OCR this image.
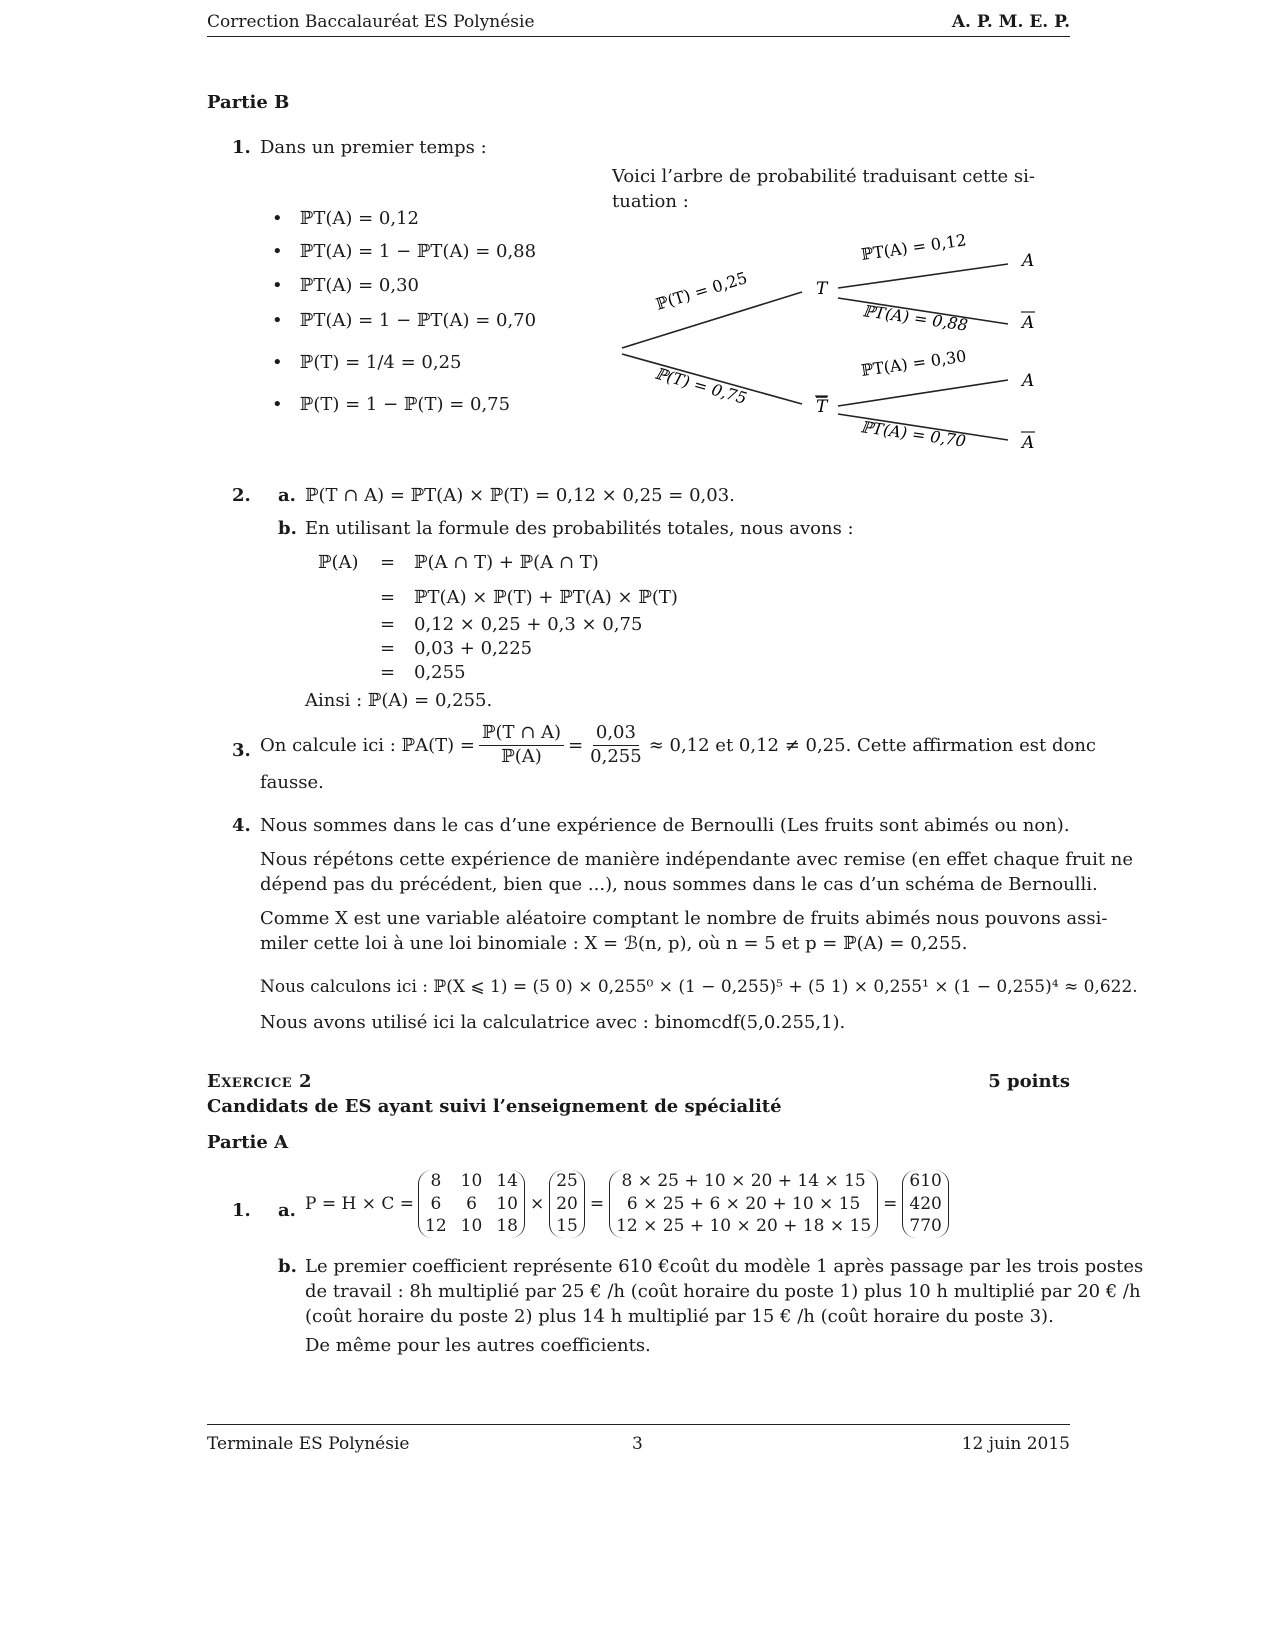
Correction Baccalauréat ES Polynésie	A. P. M. E. P.
Partie B
1. Dans un premier temps :
Voici l’arbre de probabilité traduisant cette si-
tuation :
•   ℙT(A) = 0,12
•   ℙT(A) = 1 − ℙT(A) = 0,88
•   ℙT(A) = 0,30
•   ℙT(A) = 1 − ℙT(A) = 0,70
•   ℙ(T) = 1/4 = 0,25
•   ℙ(T) = 1 − ℙ(T) = 0,75
T
T
A
A
A
A
ℙ(T) = 0,25
ℙ(T) = 0,75
ℙT(A) = 0,12
ℙT(A) = 0,88
ℙT(A) = 0,30
ℙT(A) = 0,70
2. a. ℙ(T ∩ A) = ℙT(A) × ℙ(T) = 0,12 × 0,25 = 0,03.
b. En utilisant la formule des probabilités totales, nous avons :
ℙ(A) = ℙ(A ∩ T) + ℙ(A ∩ T)
= ℙT(A) × ℙ(T) + ℙT(A) × ℙ(T)
= 0,12 × 0,25 + 0,3 × 0,75
= 0,03 + 0,225
= 0,255
Ainsi : ℙ(A) = 0,255.
3. On calcule ici : ℙA(T) = $\frac{\text{ℙ(T ∩ A)}}{\text{ℙ(A)}} = \frac{0,03}{0,255} \approx 0,12$ et 0,12 ≠ 0,25. Cette affirmation est donc
fausse.
4. Nous sommes dans le cas d’une expérience de Bernoulli (Les fruits sont abimés ou non).
Nous répétons cette expérience de manière indépendante avec remise (en effet chaque fruit ne
dépend pas du précédent, bien que ...), nous sommes dans le cas d’un schéma de Bernoulli.
Comme X est une variable aléatoire comptant le nombre de fruits abimés nous pouvons assi-
miler cette loi à une loi binomiale : X = ℬ(n, p), où n = 5 et p = ℙ(A) = 0,255.
Nous calculons ici : ℙ(X ⩽ 1) = (5 0) × 0,255⁰ × (1 − 0,255)⁵ + (5 1) × 0,255¹ × (1 − 0,255)⁴ ≈ 0,622.
Nous avons utilisé ici la calculatrice avec : binomcdf(5,0.255,1).
Exercice 2	5 points
Candidats de ES ayant suivi l’enseignement de spécialité
Partie A
1. a. P = H × C =
8	10 14
6	6	10
12 10 18
×
25
20
15
=
8 × 25 + 10 × 20 + 14 × 15
6 × 25 + 6 × 20 + 10 × 15
12 × 25 + 10 × 20 + 18 × 15
=
610
420
770
b. Le premier coefficient représente 610 €coût du modèle 1 après passage par les trois postes
de travail : 8h multiplié par 25 € /h (coût horaire du poste 1) plus 10 h multiplié par 20 € /h
(coût horaire du poste 2) plus 14 h multiplié par 15 € /h (coût horaire du poste 3).
De même pour les autres coefficients.
Terminale ES Polynésie	3	12 juin 2015
